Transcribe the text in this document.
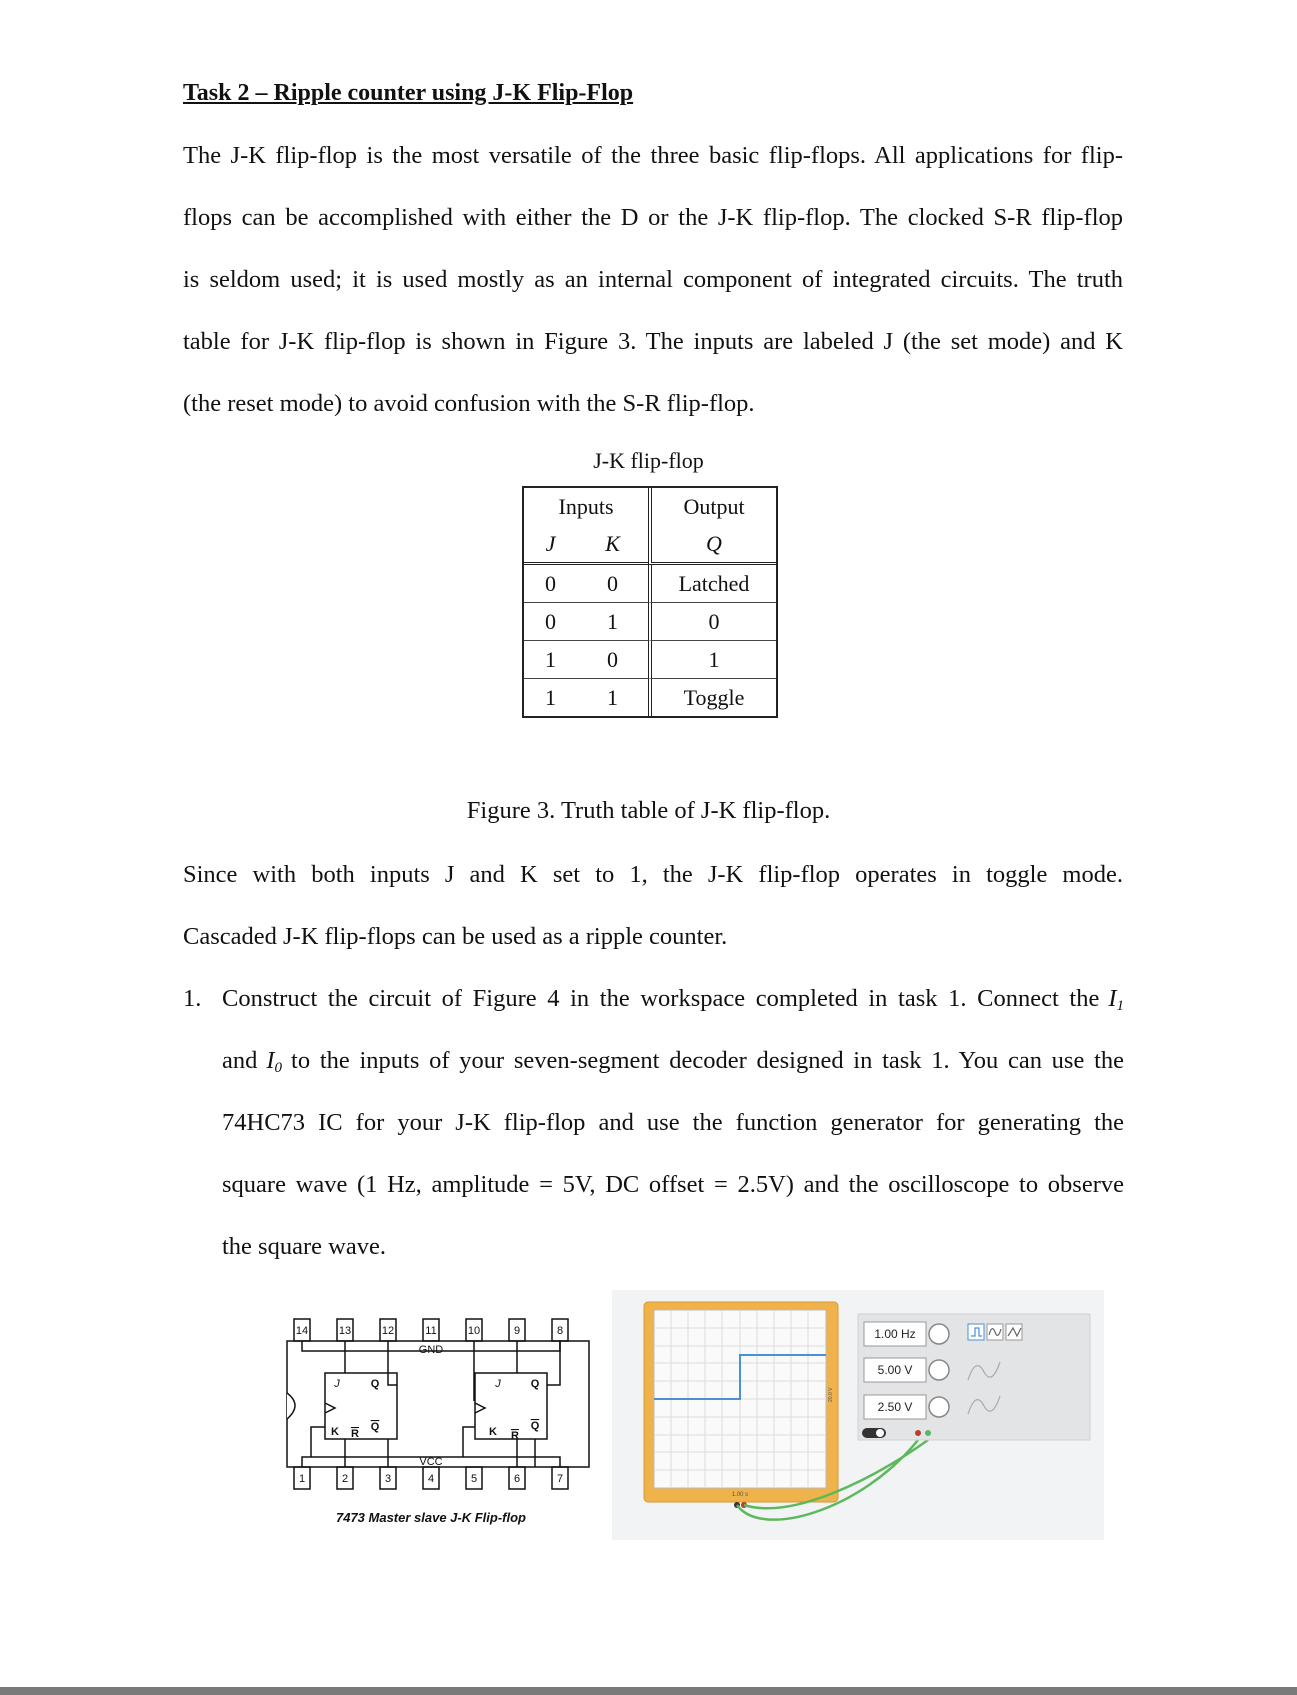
Task 2 – Ripple counter using J-K Flip-Flop
The J-K flip-flop is the most versatile of the three basic flip-flops. All applications for flip-
flops can be accomplished with either the D or the J-K flip-flop. The clocked S-R flip-flop
is seldom used; it is used mostly as an internal component of integrated circuits. The truth
table for J-K flip-flop is shown in Figure 3. The inputs are labeled J (the set mode) and K
(the reset mode) to avoid confusion with the S-R flip-flop.
J-K flip-flop
Inputs		Output
J	K	Q
0	0	Latched
0	1	0
1	0	1
1	1	Toggle
Figure 3. Truth table of J-K flip-flop.
Since with both inputs J and K set to 1, the J-K flip-flop operates in toggle mode.
Cascaded J-K flip-flops can be used as a ripple counter.
1. Construct the circuit of Figure 4 in the workspace completed in task 1. Connect the $I_1$
and $I_0$ to the inputs of your seven-segment decoder designed in task 1. You can use the
74HC73 IC for your J-K flip-flop and use the function generator for generating the
square wave (1 Hz, amplitude = 5V, DC offset = 2.5V) and the oscilloscope to observe
the square wave.
14	13	12	11	10	9	8
1	2	3	4	5	6	7
GND
VCC
J
K
Q
Q
R
J
K
Q
Q
R
7473 Master slave J-K Flip-flop
20.0 V
1.00 s
1.00 Hz
5.00 V
2.50 V
